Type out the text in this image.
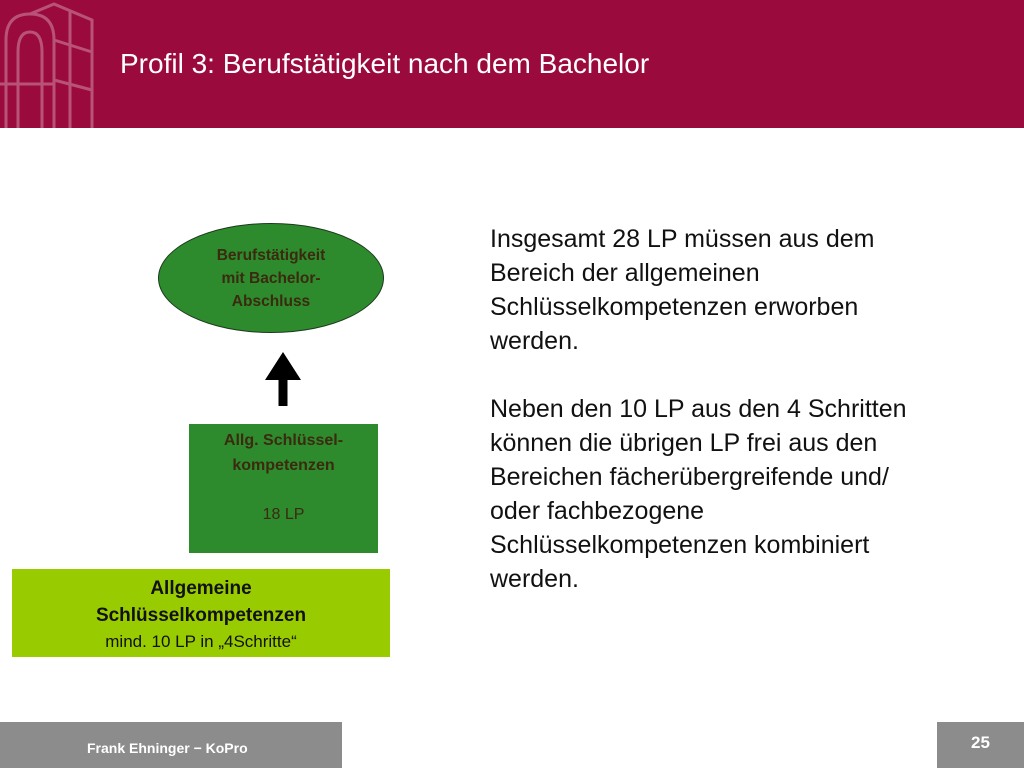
Profil 3: Berufstätigkeit nach dem Bachelor
Berufstätigkeit
mit Bachelor-
Abschluss
Allg. Schlüssel-
kompetenzen
18 LP
Allgemeine
Schlüsselkompetenzen
mind. 10 LP in „4Schritte“
Insgesamt 28 LP müssen aus dem
Bereich der allgemeinen
Schlüsselkompetenzen erworben
werden.
Neben den 10 LP aus den 4 Schritten
können die übrigen LP frei aus den
Bereichen fächerübergreifende und/
oder fachbezogene
Schlüsselkompetenzen kombiniert
werden.
Frank Ehninger − KoPro	25
